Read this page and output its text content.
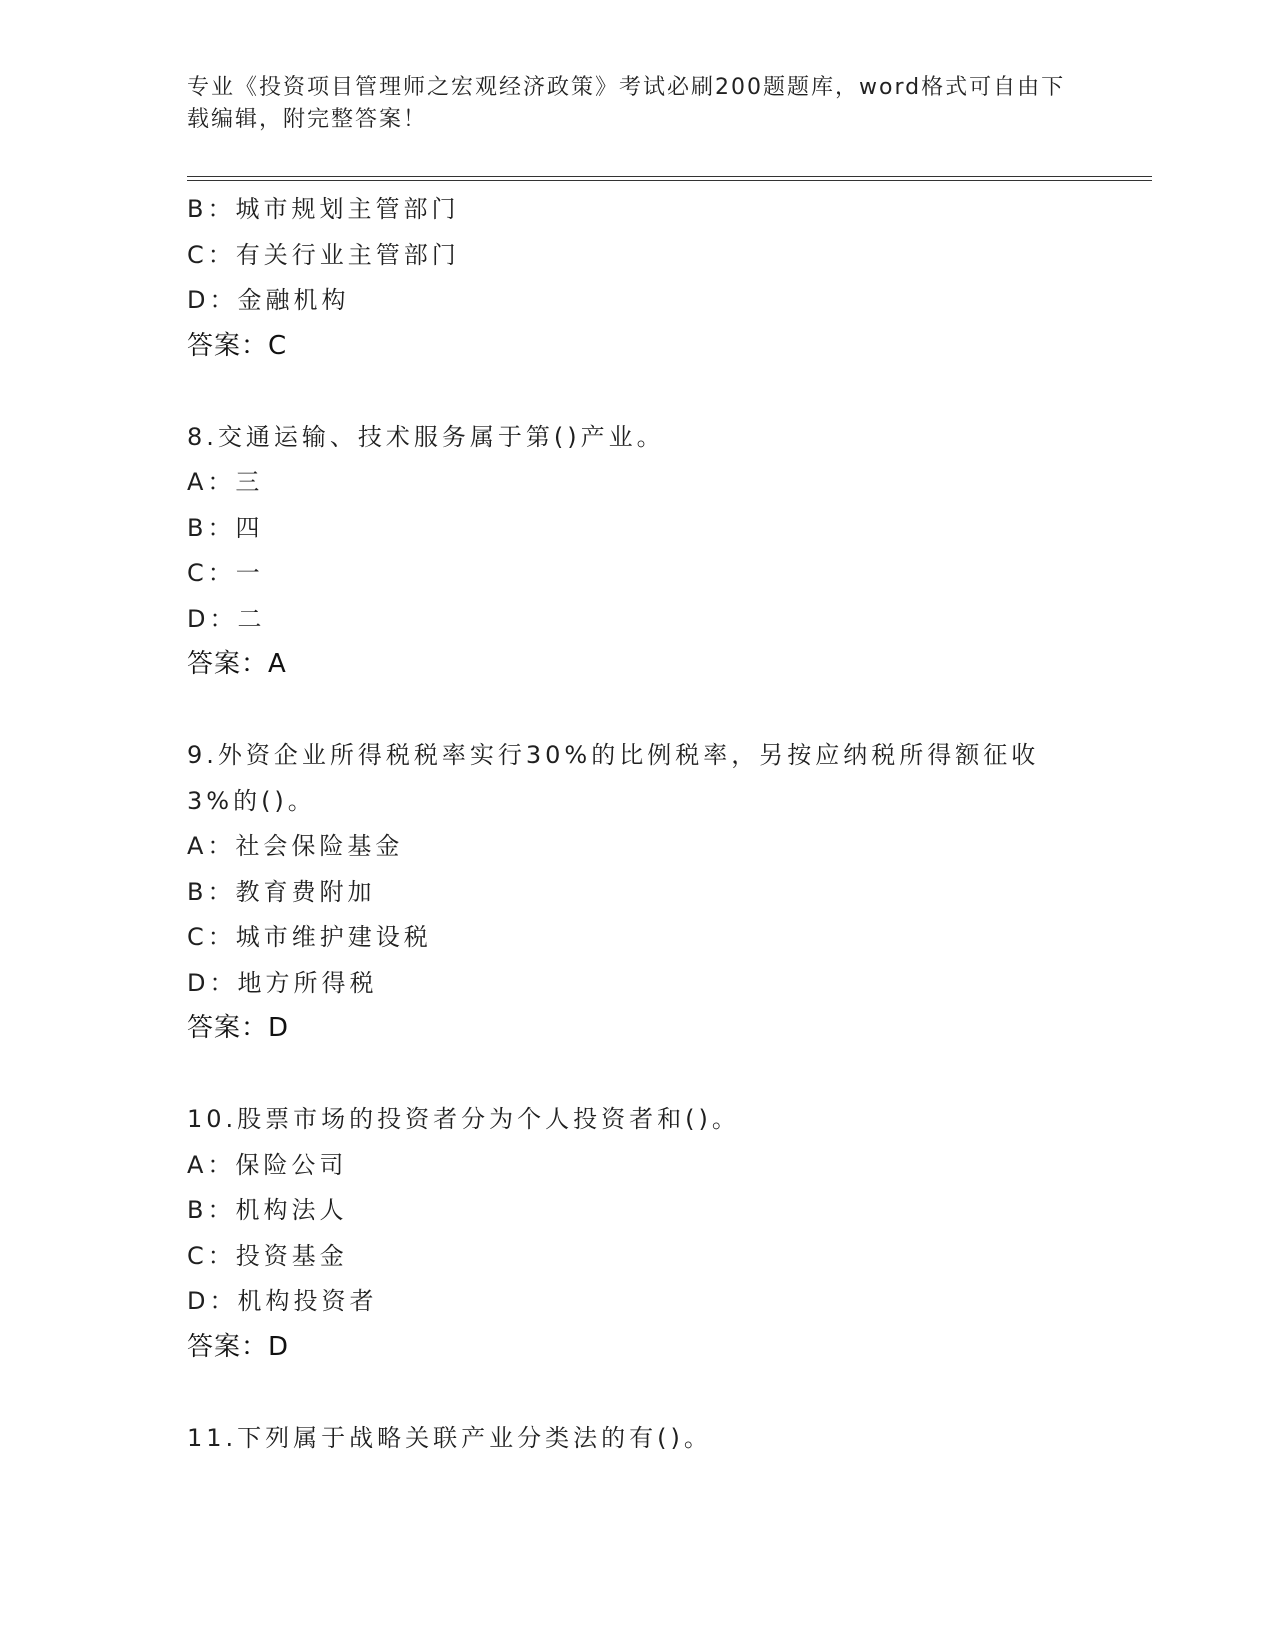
专业《投资项目管理师之宏观经济政策》考试必刷200题题库，word格式可自由下载编辑，附完整答案！
B：城市规划主管部门
C：有关行业主管部门
D：金融机构
答案：C
8.交通运输、技术服务属于第()产业。
A：三
B：四
C：一
D：二
答案：A
9.外资企业所得税税率实行30%的比例税率，另按应纳税所得额征收3%的()。
A：社会保险基金
B：教育费附加
C：城市维护建设税
D：地方所得税
答案：D
10.股票市场的投资者分为个人投资者和()。
A：保险公司
B：机构法人
C：投资基金
D：机构投资者
答案：D
11.下列属于战略关联产业分类法的有()。
